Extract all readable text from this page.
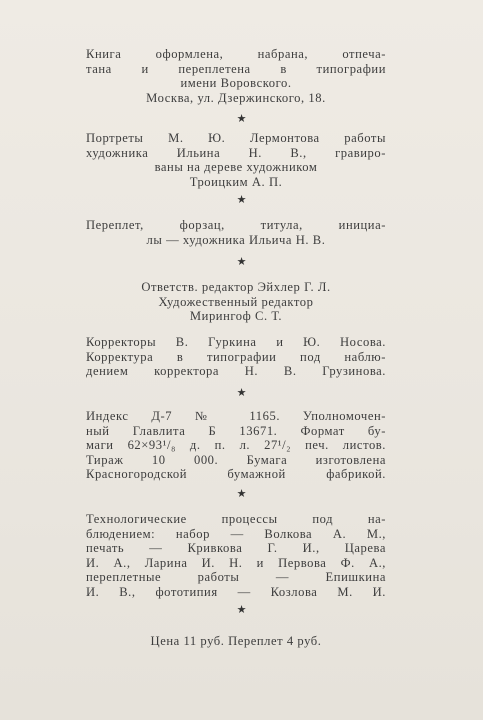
Книга оформлена, набрана, отпеча-
тана и переплетена в типографии
имени Воровского.
Москва, ул. Дзержинского, 18.
★
Портреты М. Ю. Лермонтова работы
художника Ильина Н. В., гравиро-
ваны на дереве художником
Троицким А. П.
★
Переплет, форзац, титула, инициа-
лы — художника Ильича Н. В.
★
Ответств. редактор Эйхлер Г. Л.
Художественный редактор
Мирингоф С. Т.
Корректоры В. Гуркина и Ю. Носова.
Корректура в типографии под наблю-
дением корректора Н. В. Грузинова.
★
Индекс Д-7 № 1165. Уполномочен-
ный Главлита Б 13671. Формат бу-
маги 62×93¹/₈ д. п. л. 27¹/₂ печ. листов.
Тираж 10 000. Бумага изготовлена
Красногородской бумажной фабрикой.
★
Технологические процессы под на-
блюдением: набор — Волкова А. М.,
печать — Кривкова Г. И., Царева
И. А., Ларина И. Н. и Первова Ф. А.,
переплетные работы — Епишкина
И. В., фототипия — Козлова М. И.
★
Цена 11 руб. Переплет 4 руб.
